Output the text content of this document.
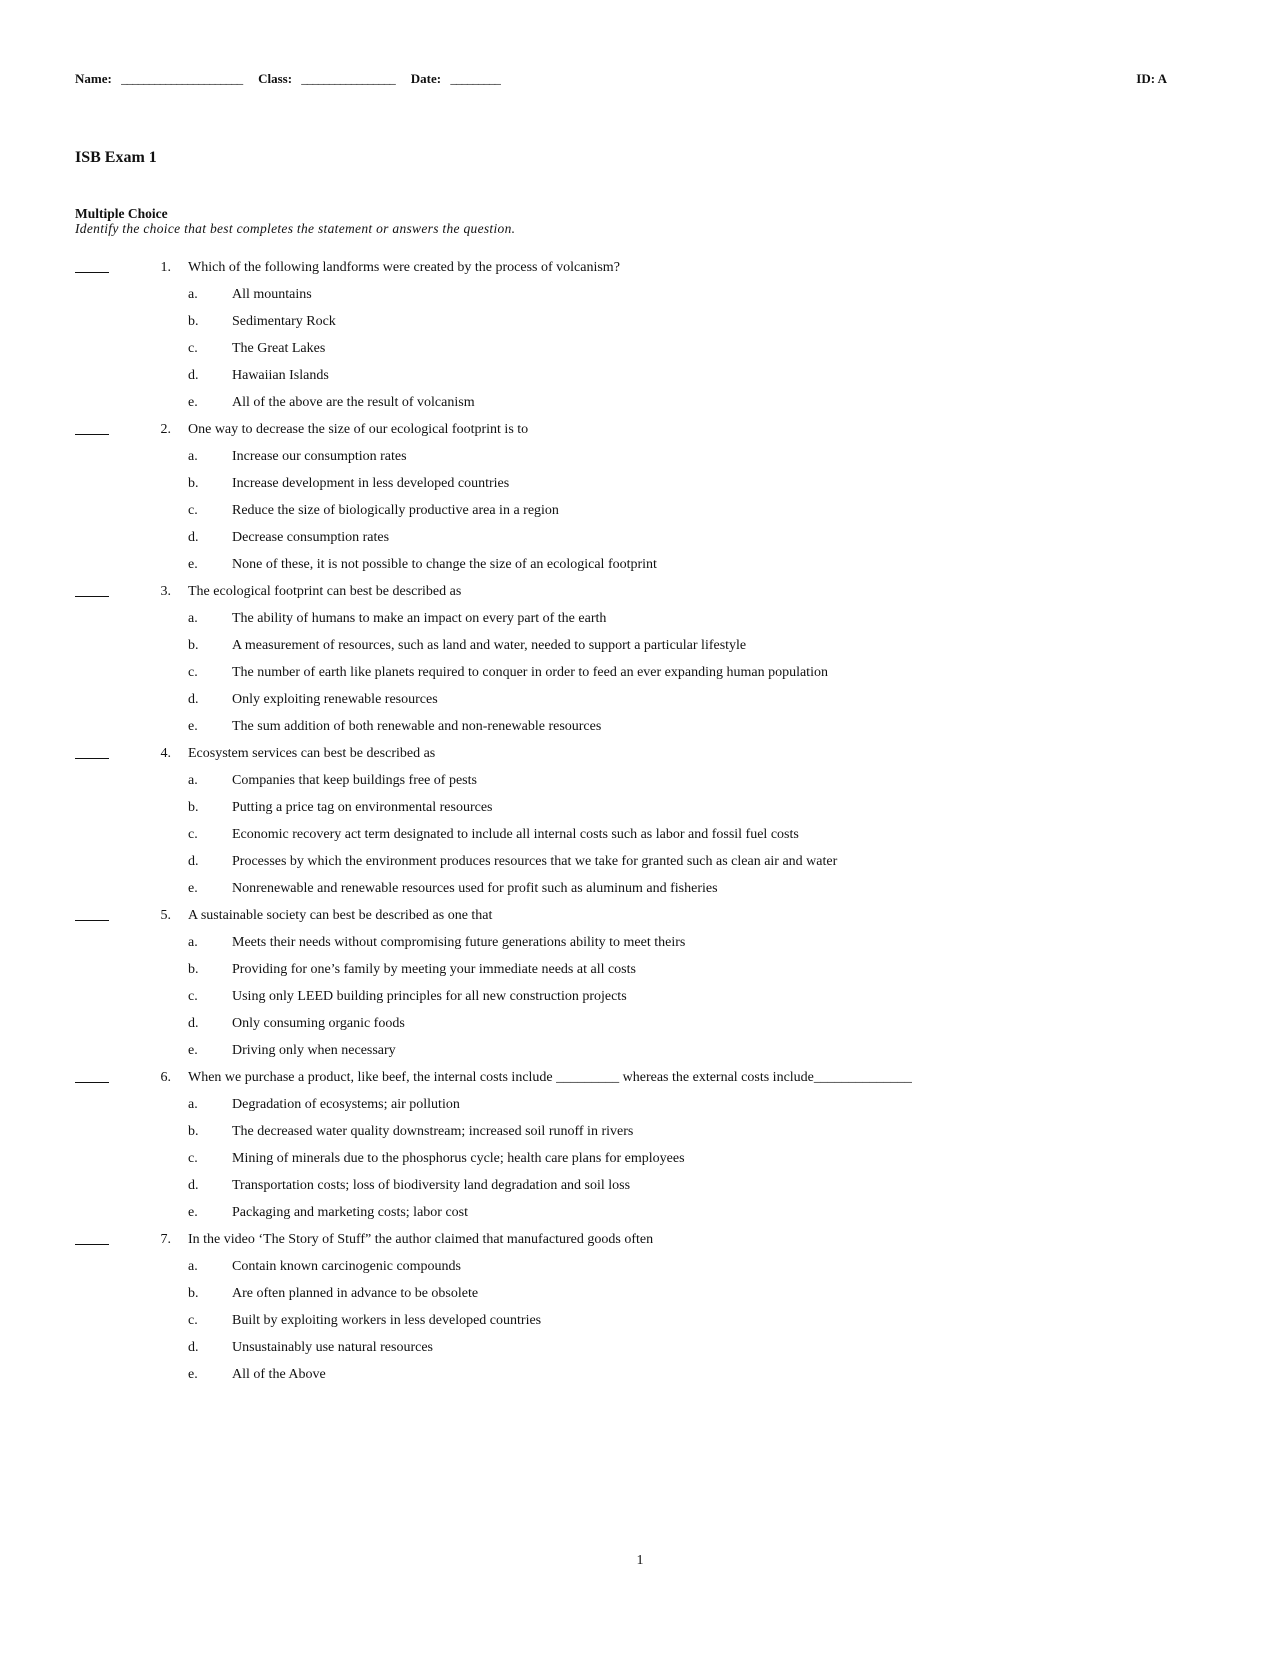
Name: ______________________ Class: _________________ Date: _________	ID: A
ISB Exam 1
Multiple Choice
Identify the choice that best completes the statement or answers the question.
1. Which of the following landforms were created by the process of volcanism?
a. All mountains
b. Sedimentary Rock
c. The Great Lakes
d. Hawaiian Islands
e. All of the above are the result of volcanism
2. One way to decrease the size of our ecological footprint is to
a. Increase our consumption rates
b. Increase development in less developed countries
c. Reduce the size of biologically productive area in a region
d. Decrease consumption rates
e. None of these, it is not possible to change the size of an ecological footprint
3. The ecological footprint can best be described as
a. The ability of humans to make an impact on every part of the earth
b. A measurement of resources, such as land and water, needed to support a particular lifestyle
c. The number of earth like planets required to conquer in order to feed an ever expanding human population
d. Only exploiting renewable resources
e. The sum addition of both renewable and non-renewable resources
4. Ecosystem services can best be described as
a. Companies that keep buildings free of pests
b. Putting a price tag on environmental resources
c. Economic recovery act term designated to include all internal costs such as labor and fossil fuel costs
d. Processes by which the environment produces resources that we take for granted such as clean air and water
e. Nonrenewable and renewable resources used for profit such as aluminum and fisheries
5. A sustainable society can best be described as one that
a. Meets their needs without compromising future generations ability to meet theirs
b. Providing for one’s family by meeting your immediate needs at all costs
c. Using only LEED building principles for all new construction projects
d. Only consuming organic foods
e. Driving only when necessary
6. When we purchase a product, like beef, the internal costs include _________ whereas the external costs include______________
a. Degradation of ecosystems; air pollution
b. The decreased water quality downstream; increased soil runoff in rivers
c. Mining of minerals due to the phosphorus cycle; health care plans for employees
d. Transportation costs; loss of biodiversity land degradation and soil loss
e. Packaging and marketing costs; labor cost
7. In the video ‘The Story of Stuff” the author claimed that manufactured goods often
a. Contain known carcinogenic compounds
b. Are often planned in advance to be obsolete
c. Built by exploiting workers in less developed countries
d. Unsustainably use natural resources
e. All of the Above
1
